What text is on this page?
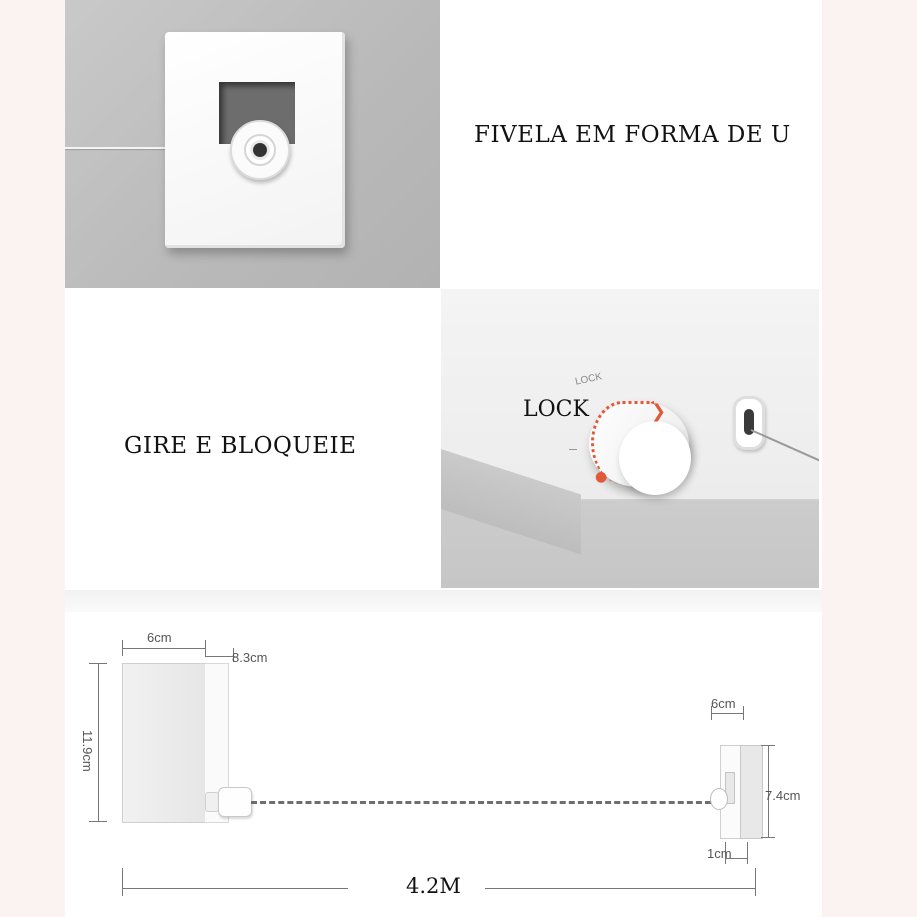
FIVELA EM FORMA DE U
GIRE E BLOQUEIE
LOCK
❯
●
LOCK
6cm
8.3cm
11.9cm
6cm
7.4cm
1cm
4.2M
